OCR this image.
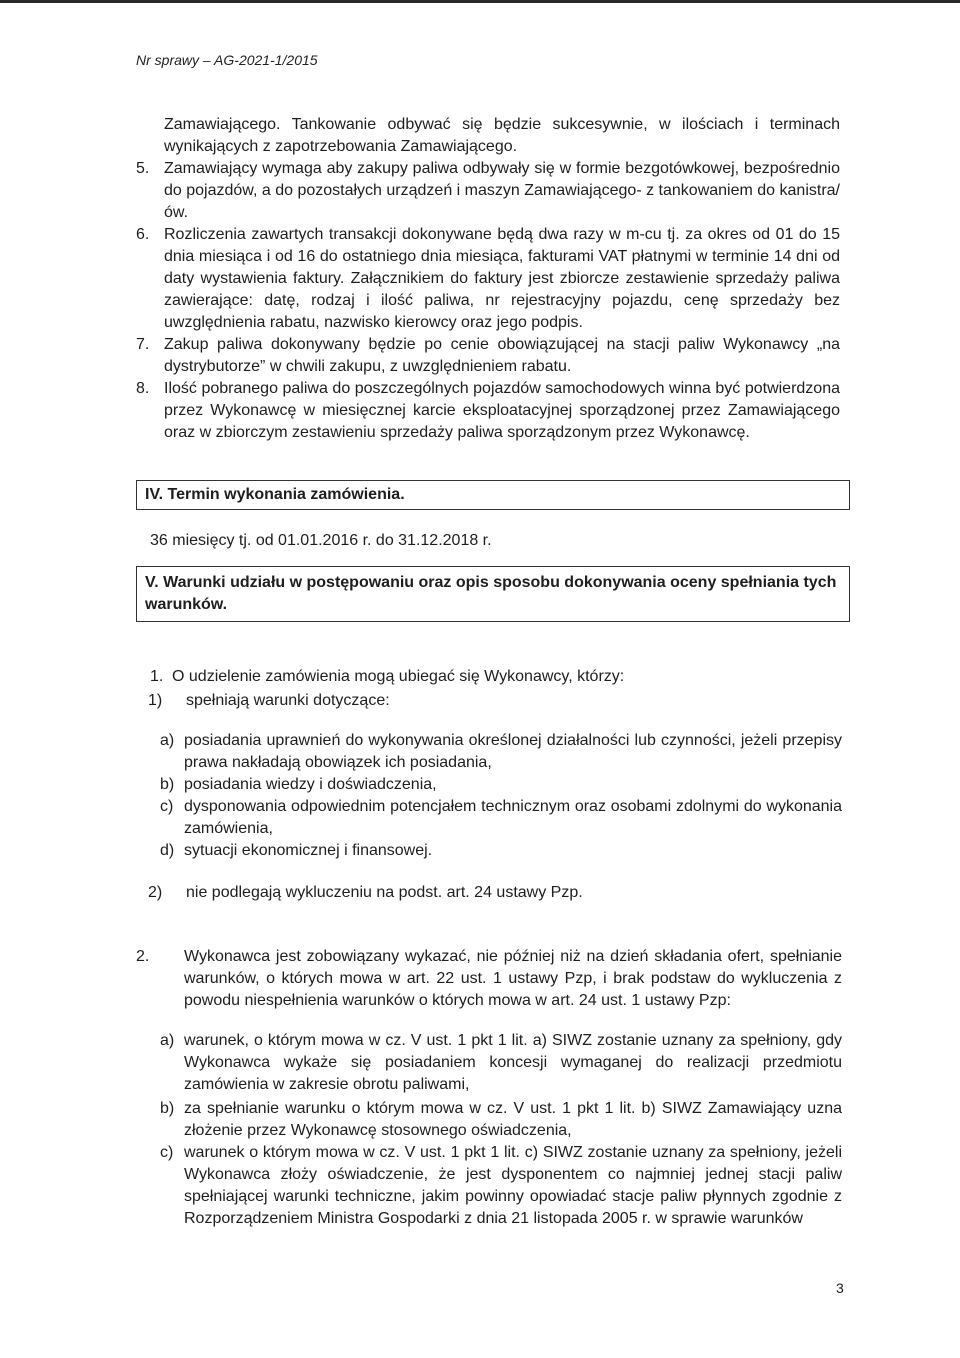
Nr sprawy – AG-2021-1/2015
Zamawiającego. Tankowanie odbywać się będzie sukcesywnie, w ilościach i terminach wynikających z zapotrzebowania Zamawiającego.
5. Zamawiający wymaga aby zakupy paliwa odbywały się w formie bezgotówkowej, bezpośrednio do pojazdów, a do pozostałych urządzeń i maszyn Zamawiającego- z tankowaniem do kanistra/ów.
6. Rozliczenia zawartych transakcji dokonywane będą dwa razy w m-cu tj. za okres od 01 do 15 dnia miesiąca i od 16 do ostatniego dnia miesiąca, fakturami VAT płatnymi w terminie 14 dni od daty wystawienia faktury. Załącznikiem do faktury jest zbiorcze zestawienie sprzedaży paliwa zawierające: datę, rodzaj i ilość paliwa, nr rejestracyjny pojazdu, cenę sprzedaży bez uwzględnienia rabatu, nazwisko kierowcy oraz jego podpis.
7. Zakup paliwa dokonywany będzie po cenie obowiązującej na stacji paliw Wykonawcy „na dystrybutorze” w chwili zakupu, z uwzględnieniem rabatu.
8. Ilość pobranego paliwa do poszczególnych pojazdów samochodowych winna być potwierdzona przez Wykonawcę w miesięcznej karcie eksploatacyjnej sporządzonej przez Zamawiającego oraz w zbiorczym zestawieniu sprzedaży paliwa sporządzonym przez Wykonawcę.
IV. Termin wykonania zamówienia.
36 miesięcy tj. od 01.01.2016 r. do 31.12.2018 r.
V. Warunki udziału w postępowaniu oraz opis sposobu dokonywania oceny spełniania tych warunków.
1. O udzielenie zamówienia mogą ubiegać się Wykonawcy, którzy:
1) spełniają warunki dotyczące:
a) posiadania uprawnień do wykonywania określonej działalności lub czynności, jeżeli przepisy prawa nakładają obowiązek ich posiadania,
b) posiadania wiedzy i doświadczenia,
c) dysponowania odpowiednim potencjałem technicznym oraz osobami zdolnymi do wykonania zamówienia,
d) sytuacji ekonomicznej i finansowej.
2) nie podlegają wykluczeniu na podst. art. 24 ustawy Pzp.
2. Wykonawca jest zobowiązany wykazać, nie później niż na dzień składania ofert, spełnianie warunków, o których mowa w art. 22 ust. 1 ustawy Pzp, i brak podstaw do wykluczenia z powodu niespełnienia warunków o których mowa w art. 24 ust. 1 ustawy Pzp:
a) warunek, o którym mowa w cz. V ust. 1 pkt 1 lit. a) SIWZ zostanie uznany za spełniony, gdy Wykonawca wykaże się posiadaniem koncesji wymaganej do realizacji przedmiotu zamówienia w zakresie obrotu paliwami,
b) za spełnianie warunku o którym mowa w cz. V ust. 1 pkt 1 lit. b) SIWZ Zamawiający uzna złożenie przez Wykonawcę stosownego oświadczenia,
c) warunek o którym mowa w cz. V ust. 1 pkt 1 lit. c) SIWZ zostanie uznany za spełniony, jeżeli Wykonawca złoży oświadczenie, że jest dysponentem co najmniej jednej stacji paliw spełniającej warunki techniczne, jakim powinny opowiadać stacje paliw płynnych zgodnie z Rozporządzeniem Ministra Gospodarki z dnia 21 listopada 2005 r. w sprawie warunków
3
